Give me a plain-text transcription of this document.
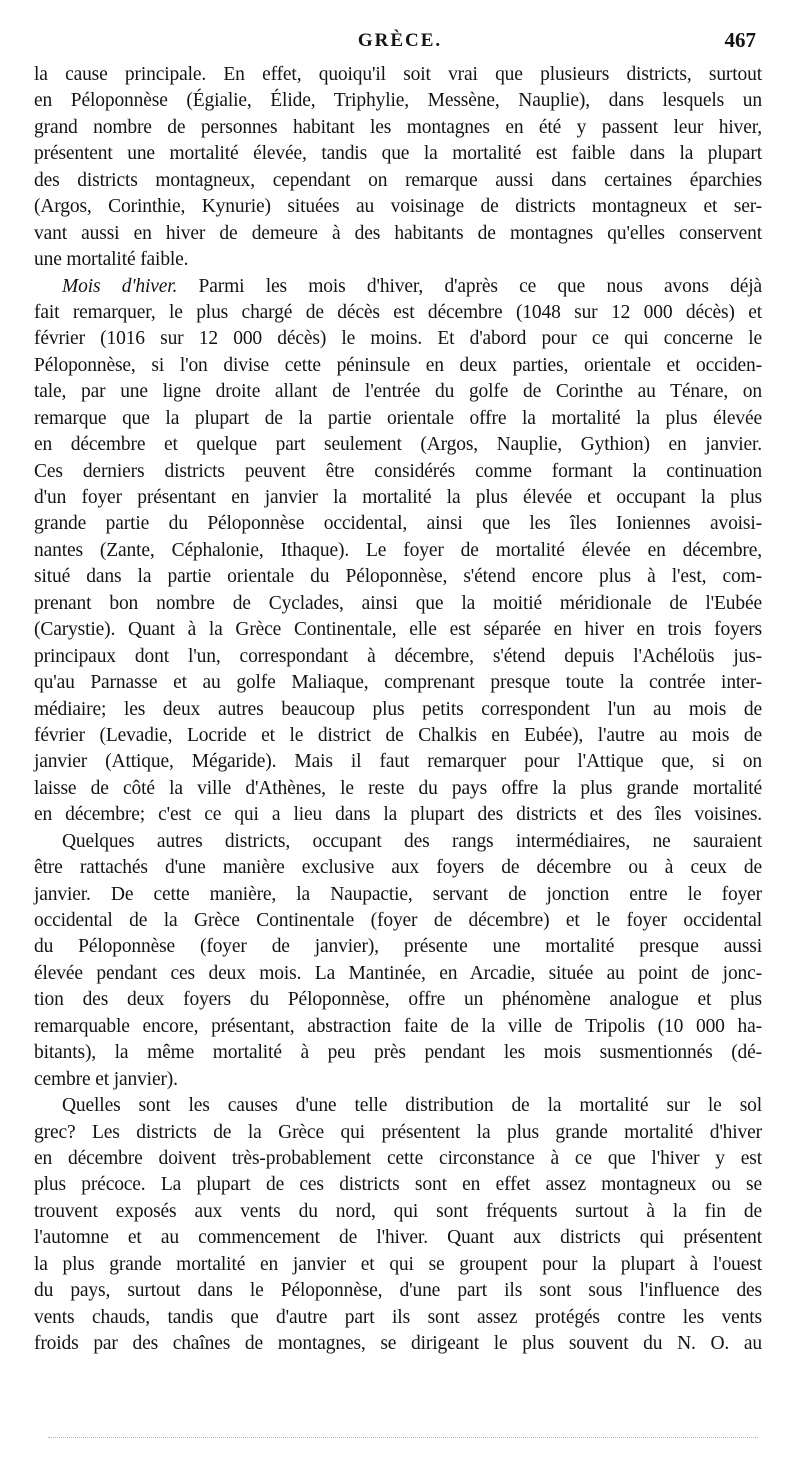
GRÈCE.	467
la cause principale. En effet, quoiqu'il soit vrai que plusieurs districts, surtout
en Péloponnèse (Égialie, Élide, Triphylie, Messène, Nauplie), dans lesquels un
grand nombre de personnes habitant les montagnes en été y passent leur hiver,
présentent une mortalité élevée, tandis que la mortalité est faible dans la plupart
des districts montagneux, cependant on remarque aussi dans certaines éparchies
(Argos, Corinthie, Kynurie) situées au voisinage de districts montagneux et ser-
vant aussi en hiver de demeure à des habitants de montagnes qu'elles conservent
une mortalité faible.
Mois d'hiver. Parmi les mois d'hiver, d'après ce que nous avons déjà
fait remarquer, le plus chargé de décès est décembre (1048 sur 12 000 décès) et
février (1016 sur 12 000 décès) le moins. Et d'abord pour ce qui concerne le
Péloponnèse, si l'on divise cette péninsule en deux parties, orientale et occiden-
tale, par une ligne droite allant de l'entrée du golfe de Corinthe au Ténare, on
remarque que la plupart de la partie orientale offre la mortalité la plus élevée
en décembre et quelque part seulement (Argos, Nauplie, Gythion) en janvier.
Ces derniers districts peuvent être considérés comme formant la continuation
d'un foyer présentant en janvier la mortalité la plus élevée et occupant la plus
grande partie du Péloponnèse occidental, ainsi que les îles Ioniennes avoisi-
nantes (Zante, Céphalonie, Ithaque). Le foyer de mortalité élevée en décembre,
situé dans la partie orientale du Péloponnèse, s'étend encore plus à l'est, com-
prenant bon nombre de Cyclades, ainsi que la moitié méridionale de l'Eubée
(Carystie). Quant à la Grèce Continentale, elle est séparée en hiver en trois foyers
principaux dont l'un, correspondant à décembre, s'étend depuis l'Achéloüs jus-
qu'au Parnasse et au golfe Maliaque, comprenant presque toute la contrée inter-
médiaire; les deux autres beaucoup plus petits correspondent l'un au mois de
février (Levadie, Locride et le district de Chalkis en Eubée), l'autre au mois de
janvier (Attique, Mégaride). Mais il faut remarquer pour l'Attique que, si on
laisse de côté la ville d'Athènes, le reste du pays offre la plus grande mortalité
en décembre; c'est ce qui a lieu dans la plupart des districts et des îles voisines.
Quelques autres districts, occupant des rangs intermédiaires, ne sauraient
être rattachés d'une manière exclusive aux foyers de décembre ou à ceux de
janvier. De cette manière, la Naupactie, servant de jonction entre le foyer
occidental de la Grèce Continentale (foyer de décembre) et le foyer occidental
du Péloponnèse (foyer de janvier), présente une mortalité presque aussi
élevée pendant ces deux mois. La Mantinée, en Arcadie, située au point de jonc-
tion des deux foyers du Péloponnèse, offre un phénomène analogue et plus
remarquable encore, présentant, abstraction faite de la ville de Tripolis (10 000 ha-
bitants), la même mortalité à peu près pendant les mois susmentionnés (dé-
cembre et janvier).
Quelles sont les causes d'une telle distribution de la mortalité sur le sol
grec? Les districts de la Grèce qui présentent la plus grande mortalité d'hiver
en décembre doivent très-probablement cette circonstance à ce que l'hiver y est
plus précoce. La plupart de ces districts sont en effet assez montagneux ou se
trouvent exposés aux vents du nord, qui sont fréquents surtout à la fin de
l'automne et au commencement de l'hiver. Quant aux districts qui présentent
la plus grande mortalité en janvier et qui se groupent pour la plupart à l'ouest
du pays, surtout dans le Péloponnèse, d'une part ils sont sous l'influence des
vents chauds, tandis que d'autre part ils sont assez protégés contre les vents
froids par des chaînes de montagnes, se dirigeant le plus souvent du N. O. au
